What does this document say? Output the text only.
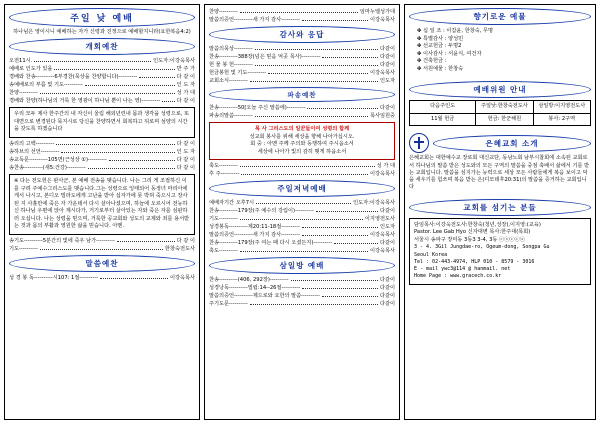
주일 낮 예배
하나님은 영이시니 예배하는 자가 신령과 진정으로 예배할지니라(요한복음4:2)
개회예찬
오전11시.	인도자:이강욱목사
예배로 인도가 있을	반 주 가
경배와 찬송----------6부경찬(묵상을 찬양합니다)----------	다 같 이
송예배로의 부름 빛 기도----------	인 도 자
찬양----------	성 가 대
경배와 찬양(하나님의 거룩 한 영광이 하나님 뿐이 나는 영)----------	다 같 이
우리 모두 제사 한주간의 내 자신이 울림 해외년린내 몸과 생각을 성령으로, 또 대면으로 변경된다 묵지시로 당신을 찬양하면서 회복하고 뒤로찌 섬양의 시간을 갖도록 하겠습니다
송리의 고백----------	다 같 이
송하브의 선언----------	인 도 자
송교독문----------105면(근성상 ①)----------	다 같 이
송찬송----------(새5:건강)----------	다 같 이
※ 다는 전도헌은 판사군, 본 예배 전송을 맺습니다. 나는 그리 게 조절하신 이를 구려 주예수그리스도를 맺습니다.그는 성령으로 잉태되어 동정녀 마리아에게서 나시고, 본디오 빌라도에게 고난을 받아 십자가에 못 박혀 죽으시고 장사 된 지 사흘만에 죽은 자 가운데서 다시 살아나셨으며, 하늘에 오르시어 전능하신 하나님 우편에 앉아 계시다가, 거기로부터 살아있는 자와 죽은 자를 심판하러 오십니다. 나는 성령을 믿으며, 거룩한 공교회와 성도의 교제와 죄를 용서받는 것과 몸의 부활과 영원한 삶을 믿습니다. 아멘.
송기도----------5분간의 빛에 죽우 남가----------	다 같 이
기도----------	한창숙전도사
말씀예찬
성 경 봉 독----------시107: 1절----------	이강욱목사
찬양----------	임마누엘성가대
말씀의증언----------새 가지 감사----------	이강욱목사
감사와 응답
말씀의묵상----------	다같이
찬송----------388장(넘은 믿음 억곳 목사)----------	다같이
헌 물 봉 헌----------	다같이
헌금봉헌 빛 기도----------	이강욱목사
교회소식----------	인도자
파송예찬
찬송----------50[오늘 주신 말씀에)----------	다같이
파송의말씀----------	목사임원중
목 사 그리스도의 일꾼들이여 성령의 합께
성교회 봉사를 위해 세상을 향해 나아가십시오.
회 중 : 아멘 주께 주의와 동행하여 주시옵소서
세상에 나아가 빛의 감히 맺게 하옵소서
축도----------	성 가 대
후 주----------	이강욱목사
주일저녁예배
예배자기간 오후7시	인도자:이강욱목사
찬송----------179장(주 예수의 강림이)----------	다같이
기도----------	이지영전도사
성경봉독----------제20:11-18절----------	인도자
말씀의증언----------새 가지 감사----------	이강욱목사
찬송----------179장(주 여는 때 다시 오셨든지)----------	다같이
축도----------	이강욱목사
삼일방 예배
찬송----------(406, 292장)----------	다같이
성경낭독----------빌립:14--26절----------	다같이
말씀의증언----------제드로와 요한의 말씀----------	다같이
주기도문----------	다같이
향기로운 예물
✤ 십 일 조 : 이갑윤, 한창숙, 무명
✤ 특별감사 : 양성민
✤ 선교헌금 : 두명2
✤ 이사감사 : 서윤식, 여건자
✤ 건축헌금 :
✤ 서원예물 : 한창숙
예배위원 안내
다음주인도	주일낮:한창숙전도사	삼일방:이지영전도사
11월 헌금	헌금: 한군해원	봉사: 2구역
은혜교회 소개
은혜교회는 대한예수교 장로회 대신교단, 동남노회 남부시찰회에 소속된 교회로서 하나님의 말씀 받은 성도와의 모든 구역의 말씀을 중점 축배서 삶에서 기를 받는 교회입니다. 말씀을 심지가는 능력으로 세상 모든 사람들에게 복음 보이고 덕을 세우기를 힘쓰며 복음 받는 은(디모데후20:31)의 말씀을 증거하는 교회입니다
교회를 섬기는 분들
담임목사:이강욱전도사:한창숙(청년,성장),이지영:(교육)
Pastor. Lee Gab Hyo 신자대변 목사:한주대(목회)
서울시 송파구 장미동 3동3 3-4, 3동 ⓒⓢⓒⓒⓢ
3 - 4. 3Gil Jungdae-ro, Ogeum-dong, Songpa Gu
Seoul Korea
Tel : 02-443-4974, HLP 010 - 8579 - 3016
E - mail ywc3@114 @ hanmail. net
Home Page : www.gracech.co.kr
